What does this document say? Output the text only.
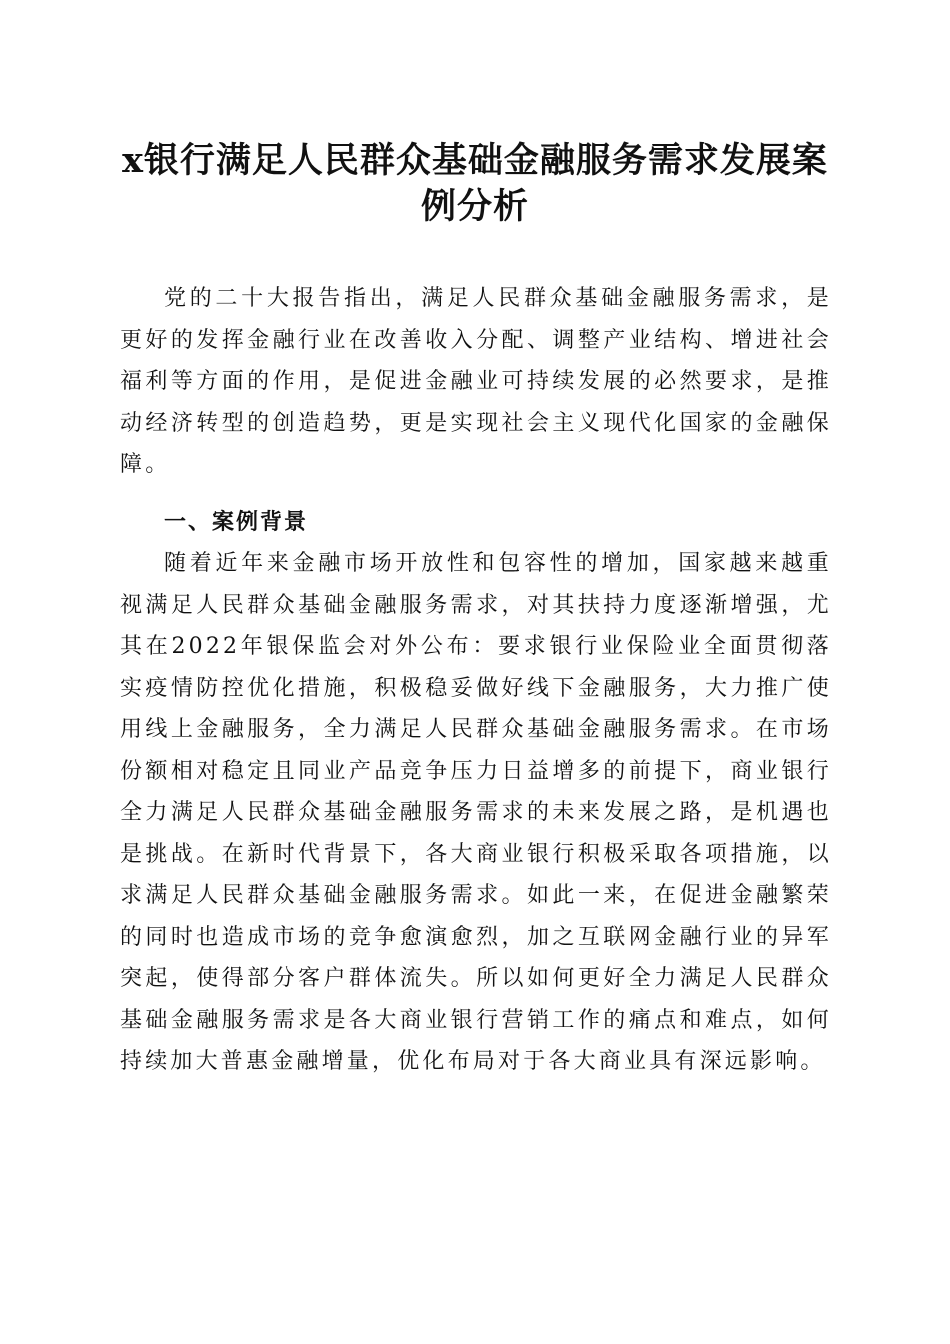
x银行满足人民群众基础金融服务需求发展案例分析

党的二十大报告指出，满足人民群众基础金融服务需求，是更好的发挥金融行业在改善收入分配、调整产业结构、增进社会福利等方面的作用，是促进金融业可持续发展的必然要求，是推动经济转型的创造趋势，更是实现社会主义现代化国家的金融保障。

一、案例背景

随着近年来金融市场开放性和包容性的增加，国家越来越重视满足人民群众基础金融服务需求，对其扶持力度逐渐增强，尤其在2022年银保监会对外公布：要求银行业保险业全面贯彻落实疫情防控优化措施，积极稳妥做好线下金融服务，大力推广使用线上金融服务，全力满足人民群众基础金融服务需求。在市场份额相对稳定且同业产品竞争压力日益增多的前提下，商业银行全力满足人民群众基础金融服务需求的未来发展之路，是机遇也是挑战。在新时代背景下，各大商业银行积极采取各项措施，以求满足人民群众基础金融服务需求。如此一来，在促进金融繁荣的同时也造成市场的竞争愈演愈烈，加之互联网金融行业的异军突起，使得部分客户群体流失。所以如何更好全力满足人民群众基础金融服务需求是各大商业银行营销工作的痛点和难点，如何持续加大普惠金融增量，优化布局对于各大商业具有深远影响。
